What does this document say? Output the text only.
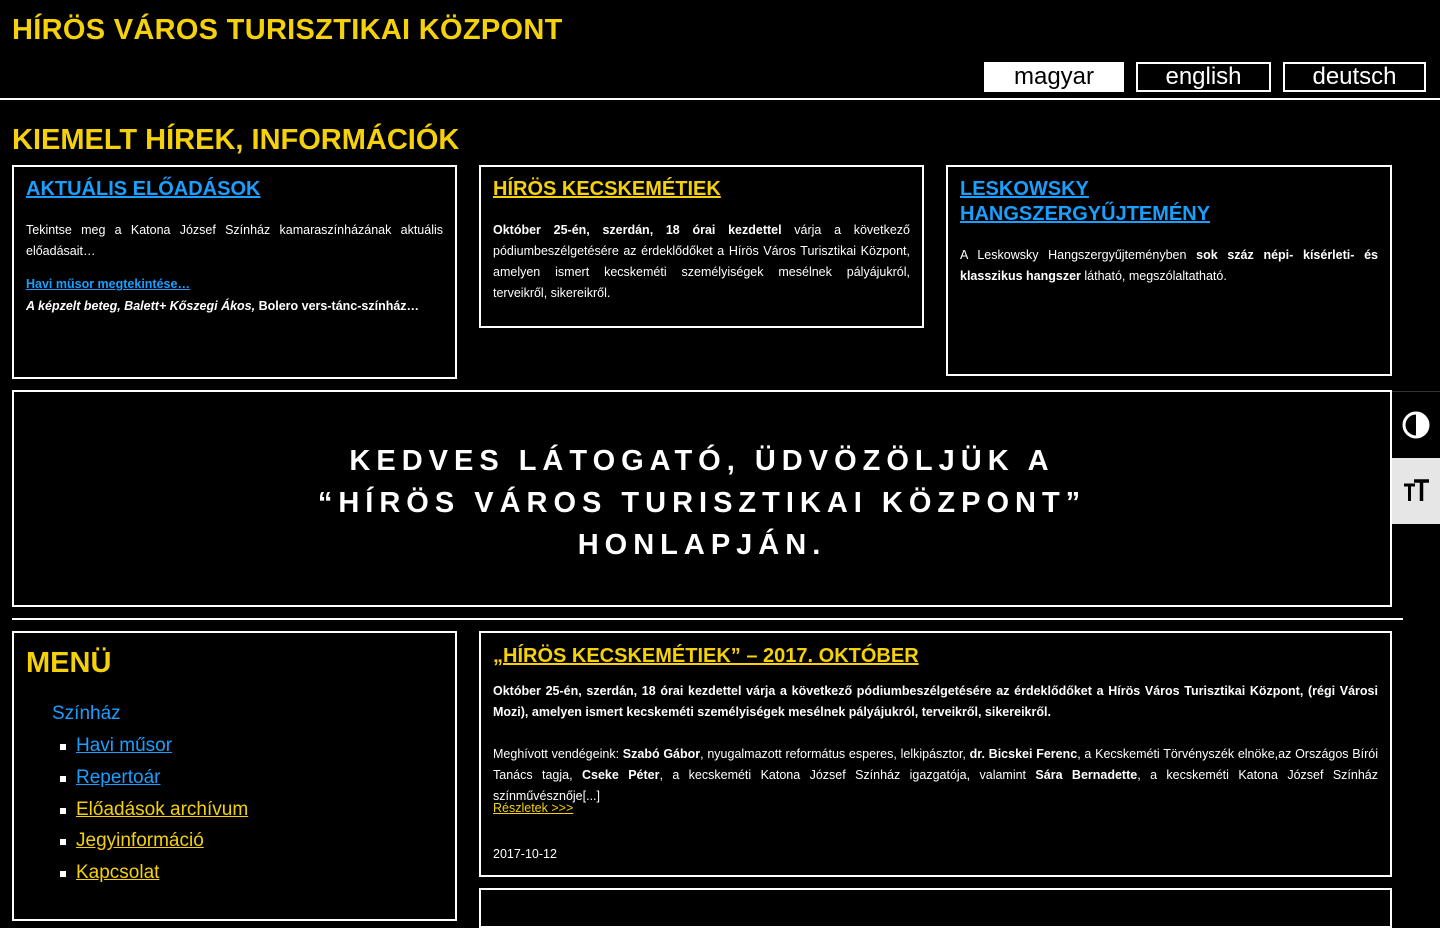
HÍRÖS VÁROS TURISZTIKAI KÖZPONT
magyar	english	deutsch
KIEMELT HÍREK, INFORMÁCIÓK
AKTUÁLIS ELŐADÁSOK
Tekintse meg a Katona József Színház kamaraszínházának aktuális előadásait…
Havi műsor megtekintése…
A képzelt beteg, Balett+ Kőszegi Ákos, Bolero vers-tánc-színház…
HÍRÖS KECSKEMÉTIEK
Október 25-én, szerdán, 18 órai kezdettel várja a következő pódiumbeszélgetésére az érdeklődőket a Hírös Város Turisztikai Központ, amelyen ismert kecskeméti személyiségek mesélnek pályájukról, terveikről, sikereikről.
LESKOWSKY HANGSZERGYŰJTEMÉNY
A Leskowsky Hangszergyűjteményben sok száz népi- kísérleti- és klasszikus hangszer látható, megszólaltatható.
KEDVES LÁTOGATÓ, ÜDVÖZÖLJÜK A
“HÍRÖS VÁROS TURISZTIKAI KÖZPONT”
HONLAPJÁN.
MENÜ
Színház
Havi műsor
Repertoár
Előadások archívum
Jegyinformáció
Kapcsolat
„HÍRÖS KECSKEMÉTIEK” – 2017. OKTÓBER
Október 25-én, szerdán, 18 órai kezdettel várja a következő pódiumbeszélgetésére az érdeklődőket a Hírös Város Turisztikai Központ, (régi Városi Mozi), amelyen ismert kecskeméti személyiségek mesélnek pályájukról, terveikről, sikereikről.
Meghívott vendégeink: Szabó Gábor, nyugalmazott református esperes, lelkipásztor, dr. Bicskei Ferenc, a Kecskeméti Törvényszék elnöke,az Országos Bírói Tanács tagja, Cseke Péter, a kecskeméti Katona József Színház igazgatója, valamint Sára Bernadette, a kecskeméti Katona József Színház színművésznője[...]
Részletek >>>
2017-10-12
